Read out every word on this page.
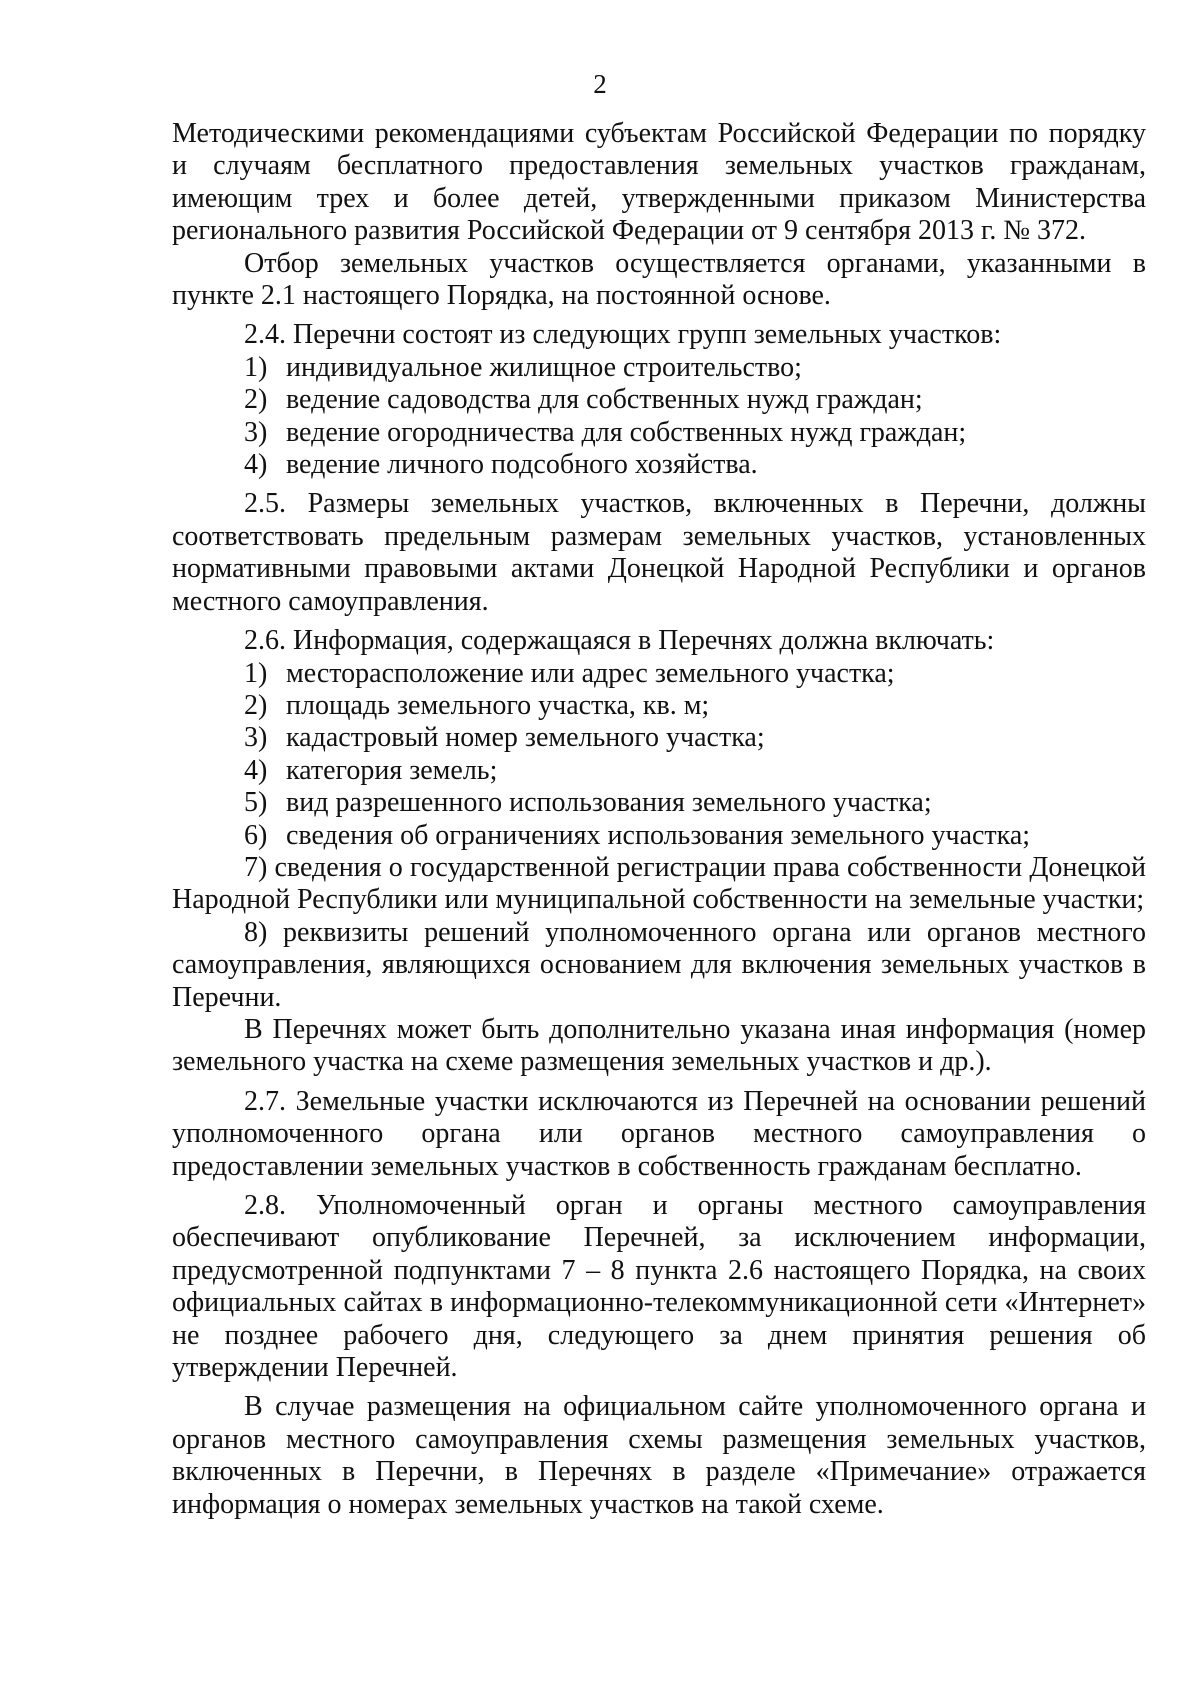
2

Методическими рекомендациями субъектам Российской Федерации по порядку и случаям бесплатного предоставления земельных участков гражданам, имеющим трех и более детей, утвержденными приказом Министерства регионального развития Российской Федерации от 9 сентября 2013 г. № 372.

Отбор земельных участков осуществляется органами, указанными в пункте 2.1 настоящего Порядка, на постоянной основе.

2.4. Перечни состоят из следующих групп земельных участков:

1) индивидуальное жилищное строительство;

2) ведение садоводства для собственных нужд граждан;

3) ведение огородничества для собственных нужд граждан;

4) ведение личного подсобного хозяйства.

2.5. Размеры земельных участков, включенных в Перечни, должны соответствовать предельным размерам земельных участков, установленных нормативными правовыми актами Донецкой Народной Республики и органов местного самоуправления.

2.6. Информация, содержащаяся в Перечнях должна включать:

1) месторасположение или адрес земельного участка;

2) площадь земельного участка, кв. м;

3) кадастровый номер земельного участка;

4) категория земель;

5) вид разрешенного использования земельного участка;

6) сведения об ограничениях использования земельного участка;

7) сведения о государственной регистрации права собственности Донецкой Народной Республики или муниципальной собственности на земельные участки;

8) реквизиты решений уполномоченного органа или органов местного самоуправления, являющихся основанием для включения земельных участков в Перечни.

В Перечнях может быть дополнительно указана иная информация (номер земельного участка на схеме размещения земельных участков и др.).

2.7. Земельные участки исключаются из Перечней на основании решений уполномоченного органа или органов местного самоуправления о предоставлении земельных участков в собственность гражданам бесплатно.

2.8. Уполномоченный орган и органы местного самоуправления обеспечивают опубликование Перечней, за исключением информации, предусмотренной подпунктами 7 – 8 пункта 2.6 настоящего Порядка, на своих официальных сайтах в информационно-телекоммуникационной сети «Интернет» не позднее рабочего дня, следующего за днем принятия решения об утверждении Перечней.

В случае размещения на официальном сайте уполномоченного органа и органов местного самоуправления схемы размещения земельных участков, включенных в Перечни, в Перечнях в разделе «Примечание» отражается информация о номерах земельных участков на такой схеме.
